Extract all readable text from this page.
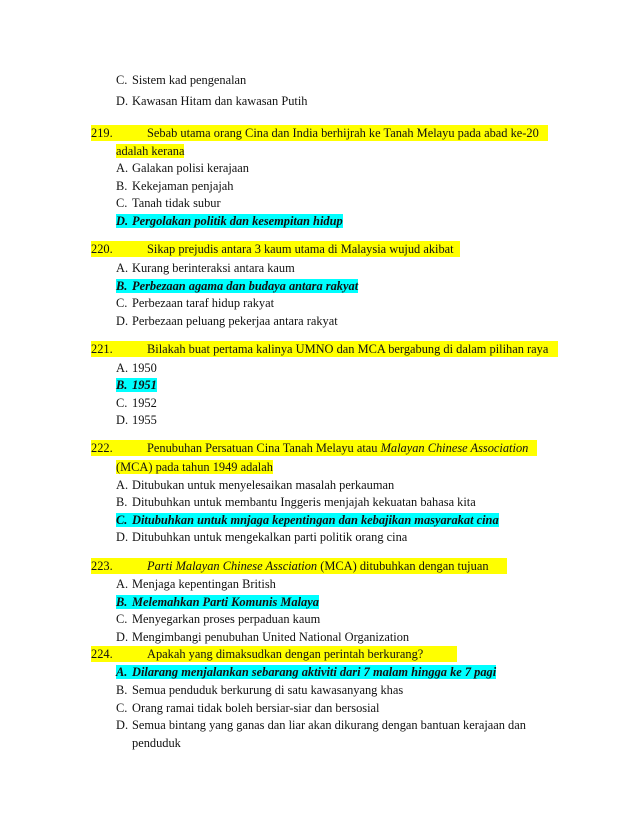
C. Sistem kad pengenalan
D. Kawasan Hitam dan kawasan Putih
219.	Sebab utama orang Cina dan India berhijrah ke Tanah Melayu pada abad ke-20
adalah kerana
A. Galakan polisi kerajaan
B. Kekejaman penjajah
C. Tanah tidak subur
D. Pergolakan politik dan kesempitan hidup
220.	Sikap prejudis antara 3 kaum utama di Malaysia wujud akibat
A. Kurang berinteraksi antara kaum
B. Perbezaan agama dan budaya antara rakyat
C. Perbezaan taraf hidup rakyat
D. Perbezaan peluang pekerjaa antara rakyat
221.	Bilakah buat pertama kalinya UMNO dan MCA bergabung di dalam pilihan raya
A. 1950
B. 1951
C. 1952
D. 1955
222.	Penubuhan Persatuan Cina Tanah Melayu atau Malayan Chinese Association
(MCA) pada tahun 1949 adalah
A. Ditubukan untuk menyelesaikan masalah perkauman
B. Ditubuhkan untuk membantu Inggeris menjajah kekuatan bahasa kita
C. Ditubuhkan untuk mnjaga kepentingan dan kebajikan masyarakat cina
D. Ditubuhkan untuk mengekalkan parti politik orang cina
223.	Parti Malayan Chinese Assciation (MCA) ditubuhkan dengan tujuan
A. Menjaga kepentingan British
B. Melemahkan Parti Komunis Malaya
C. Menyegarkan proses perpaduan kaum
D. Mengimbangi penubuhan United National Organization
224.	Apakah yang dimaksudkan dengan perintah berkurang?
A. Dilarang menjalankan sebarang aktiviti dari 7 malam hingga ke 7 pagi
B. Semua penduduk berkurung di satu kawasanyang khas
C. Orang ramai tidak boleh bersiar-siar dan bersosial
D. Semua bintang yang ganas dan liar akan dikurang dengan bantuan kerajaan dan
penduduk
